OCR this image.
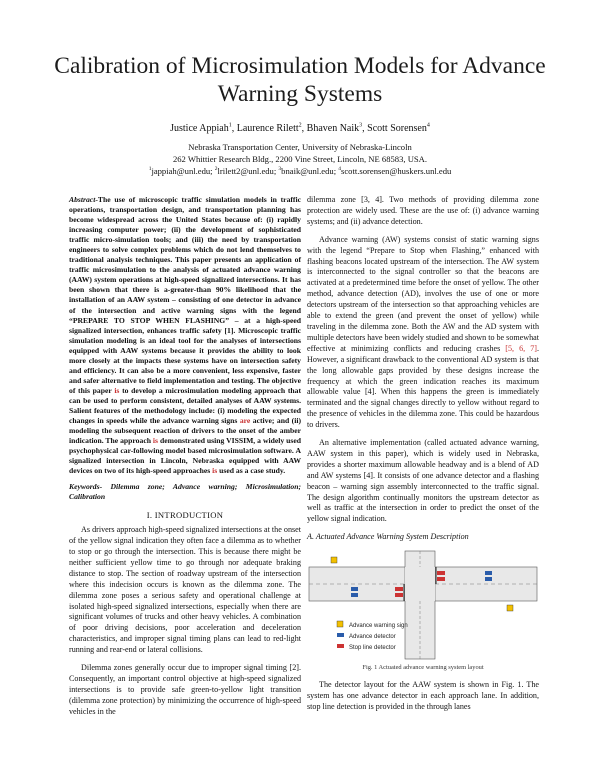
Calibration of Microsimulation Models for Advance Warning Systems
Justice Appiah$^1$, Laurence Rilett$^2$, Bhaven Naik$^3$, Scott Sorensen$^4$
Nebraska Transportation Center, University of Nebraska-Lincoln
262 Whittier Research Bldg., 2200 Vine Street, Lincoln, NE 68583, USA.
$^1$jappiah@unl.edu; $^2$lrilett2@unl.edu; $^3$bnaik@unl.edu; $^4$scott.sorensen@huskers.unl.edu

Abstract-The use of microscopic traffic simulation models in traffic operations, transportation design, and transportation planning has become widespread across the United States because of: (i) rapidly increasing computer power; (ii) the development of sophisticated traffic micro-simulation tools; and (iii) the need by transportation engineers to solve complex problems which do not lend themselves to traditional analysis techniques. This paper presents an application of traffic microsimulation to the analysis of actuated advance warning (AAW) system operations at high-speed signalized intersections. It has been shown that there is a-greater-than 90% likelihood that the installation of an AAW system – consisting of one detector in advance of the intersection and active warning signs with the legend “PREPARE TO STOP WHEN FLASHING” – at a high-speed signalized intersection, enhances traffic safety [1]. Microscopic traffic simulation modeling is an ideal tool for the analyses of intersections equipped with AAW systems because it provides the ability to look more closely at the impacts these systems have on intersection safety and efficiency. It can also be a more convenient, less expensive, faster and safer alternative to field implementation and testing. The objective of this paper is to develop a microsimulation modeling approach that can be used to perform consistent, detailed analyses of AAW systems. Salient features of the methodology include: (i) modeling the expected changes in speeds while the advance warning signs are active; and (ii) modeling the subsequent reaction of drivers to the onset of the amber indication. The approach is demonstrated using VISSIM, a widely used psychophysical car-following model based microsimulation software. A signalized intersection in Lincoln, Nebraska equipped with AAW devices on two of its high-speed approaches is used as a case study.

Keywords- Dilemma zone; Advance warning; Microsimulation; Calibration

I. INTRODUCTION

As drivers approach high-speed signalized intersections at the onset of the yellow signal indication they often face a dilemma as to whether to stop or go through the intersection. This is because there might be neither sufficient yellow time to go through nor adequate braking distance to stop. The section of roadway upstream of the intersection where this indecision occurs is known as the dilemma zone. The dilemma zone poses a serious safety and operational challenge at isolated high-speed signalized intersections, especially when there are significant volumes of trucks and other heavy vehicles. A combination of poor driving decisions, poor acceleration and deceleration characteristics, and improper signal timing plans can lead to red-light running and rear-end or lateral collisions.

Dilemma zones generally occur due to improper signal timing [2]. Consequently, an important control objective at high-speed signalized intersections is to provide safe green-to-yellow light transition (dilemma zone protection) by minimizing the occurrence of high-speed vehicles in the

dilemma zone [3, 4]. Two methods of providing dilemma zone protection are widely used. These are the use of: (i) advance warning systems; and (ii) advance detection.

Advance warning (AW) systems consist of static warning signs with the legend “Prepare to Stop when Flashing,” enhanced with flashing beacons located upstream of the intersection. The AW system is interconnected to the signal controller so that the beacons are activated at a predetermined time before the onset of yellow. The other method, advance detection (AD), involves the use of one or more detectors upstream of the intersection so that approaching vehicles are able to extend the green (and prevent the onset of yellow) while traveling in the dilemma zone. Both the AW and the AD system with multiple detectors have been widely studied and shown to be somewhat effective at minimizing conflicts and reducing crashes [5, 6, 7]. However, a significant drawback to the conventional AD system is that the long allowable gaps provided by these designs increase the frequency at which the green indication reaches its maximum allowable value [4]. When this happens the green is immediately terminated and the signal changes directly to yellow without regard to the presence of vehicles in the dilemma zone. This could be hazardous to drivers.

An alternative implementation (called actuated advance warning, AAW system in this paper), which is widely used in Nebraska, provides a shorter maximum allowable headway and is a blend of AD and AW systems [4]. It consists of one advance detector and a flashing beacon – warning sign assembly interconnected to the traffic signal. The design algorithm continually monitors the upstream detector as well as traffic at the intersection in order to predict the onset of the yellow signal indication.

A. Actuated Advance Warning System Description
Advance warning sign
Advance detector
Stop line detector
Fig. 1 Actuated advance warning system layout

The detector layout for the AAW system is shown in Fig. 1. The system has one advance detector in each approach lane. In addition, stop line detection is provided in the through lanes
